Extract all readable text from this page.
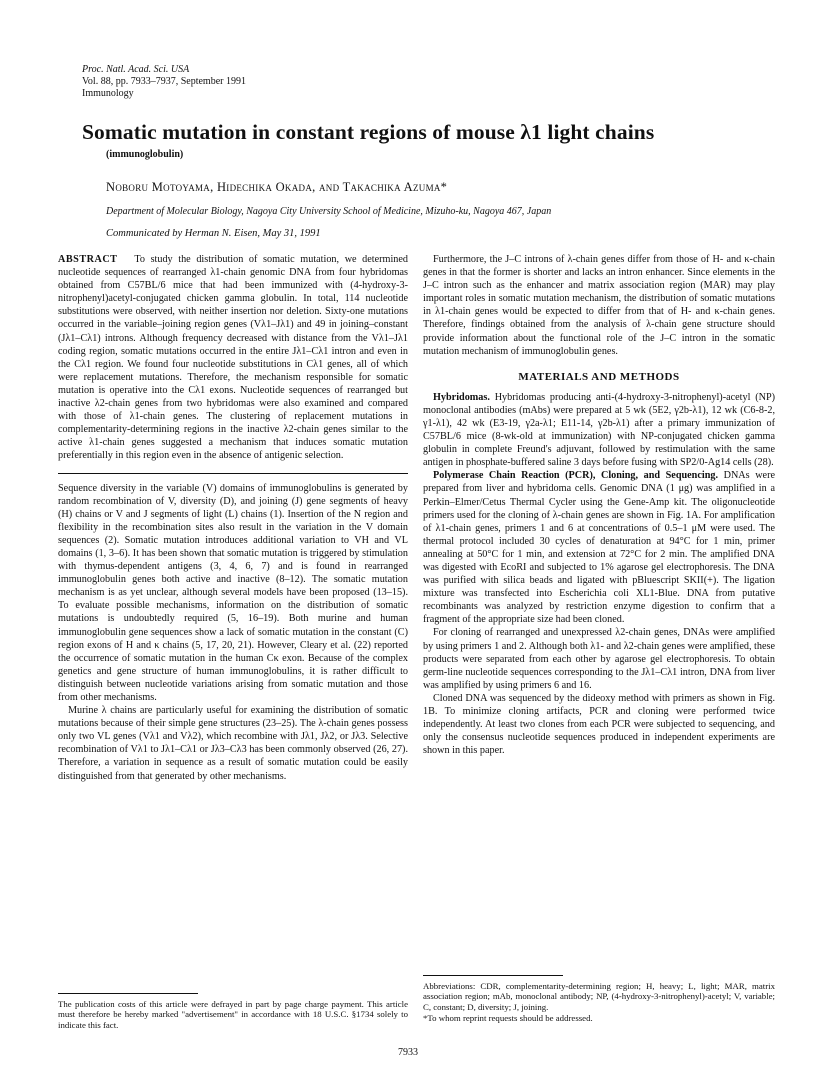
Proc. Natl. Acad. Sci. USA
Vol. 88, pp. 7933–7937, September 1991
Immunology
Somatic mutation in constant regions of mouse λ1 light chains
(immunoglobulin)
Noboru Motoyama, Hidechika Okada, and Takachika Azuma*
Department of Molecular Biology, Nagoya City University School of Medicine, Mizuho-ku, Nagoya 467, Japan
Communicated by Herman N. Eisen, May 31, 1991

ABSTRACT To study the distribution of somatic mutation, we determined nucleotide sequences of rearranged λ1-chain genomic DNA from four hybridomas obtained from C57BL/6 mice that had been immunized with (4-hydroxy-3-nitrophenyl)acetyl-conjugated chicken gamma globulin. In total, 114 nucleotide substitutions were observed, with neither insertion nor deletion. Sixty-one mutations occurred in the variable–joining region genes (Vλ1–Jλ1) and 49 in joining–constant (Jλ1–Cλ1) introns. Although frequency decreased with distance from the Vλ1–Jλ1 coding region, somatic mutations occurred in the entire Jλ1–Cλ1 intron and even in the Cλ1 region. We found four nucleotide substitutions in Cλ1 genes, all of which were replacement mutations. Therefore, the mechanism responsible for somatic mutation is operative into the Cλ1 exons. Nucleotide sequences of rearranged but inactive λ2-chain genes from two hybridomas were also examined and compared with those of λ1-chain genes. The clustering of replacement mutations in complementarity-determining regions in the inactive λ2-chain genes similar to the active λ1-chain genes suggested a mechanism that induces somatic mutation preferentially in this region even in the absence of antigenic selection.

Sequence diversity in the variable (V) domains of immunoglobulins is generated by random recombination of V, diversity (D), and joining (J) gene segments of heavy (H) chains or V and J segments of light (L) chains (1). Insertion of the N region and flexibility in the recombination sites also result in the variation in the V domain sequences (2). Somatic mutation introduces additional variation to VH and VL domains (1, 3–6). It has been shown that somatic mutation is triggered by stimulation with thymus-dependent antigens (3, 4, 6, 7) and is found in rearranged immunoglobulin genes both active and inactive (8–12). The somatic mutation mechanism is as yet unclear, although several models have been proposed (13–15). To evaluate possible mechanisms, information on the distribution of somatic mutations is undoubtedly required (5, 16–19). Both murine and human immunoglobulin gene sequences show a lack of somatic mutation in the constant (C) region exons of H and κ chains (5, 17, 20, 21). However, Cleary et al. (22) reported the occurrence of somatic mutation in the human Cκ exon. Because of the complex genetics and gene structure of human immunoglobulins, it is rather difficult to distinguish between nucleotide variations arising from somatic mutation and those from other mechanisms.

Murine λ chains are particularly useful for examining the distribution of somatic mutations because of their simple gene structures (23–25). The λ-chain genes possess only two VL genes (Vλ1 and Vλ2), which recombine with Jλ1, Jλ2, or Jλ3. Selective recombination of Vλ1 to Jλ1–Cλ1 or Jλ3–Cλ3 has been commonly observed (26, 27). Therefore, a variation in sequence as a result of somatic mutation could be easily distinguished from that generated by other mechanisms.

Furthermore, the J–C introns of λ-chain genes differ from those of H- and κ-chain genes in that the former is shorter and lacks an intron enhancer. Since elements in the J–C intron such as the enhancer and matrix association region (MAR) may play important roles in somatic mutation mechanism, the distribution of somatic mutations in λ1-chain genes would be expected to differ from that of H- and κ-chain genes. Therefore, findings obtained from the analysis of λ-chain gene structure should provide information about the functional role of the J–C intron in the somatic mutation mechanism of immunoglobulin genes.

MATERIALS AND METHODS

Hybridomas. Hybridomas producing anti-(4-hydroxy-3-nitrophenyl)-acetyl (NP) monoclonal antibodies (mAbs) were prepared at 5 wk (5E2, γ2b-λ1), 12 wk (C6-8-2, γ1-λ1), 42 wk (E3-19, γ2a-λ1; E11-14, γ2b-λ1) after a primary immunization of C57BL/6 mice (8-wk-old at immunization) with NP-conjugated chicken gamma globulin in complete Freund's adjuvant, followed by restimulation with the same antigen in phosphate-buffered saline 3 days before fusing with SP2/0-Ag14 cells (28).

Polymerase Chain Reaction (PCR), Cloning, and Sequencing. DNAs were prepared from liver and hybridoma cells. Genomic DNA (1 μg) was amplified in a Perkin–Elmer/Cetus Thermal Cycler using the Gene-Amp kit. The oligonucleotide primers used for the cloning of λ-chain genes are shown in Fig. 1A. For amplification of λ1-chain genes, primers 1 and 6 at concentrations of 0.5–1 μM were used. The thermal protocol included 30 cycles of denaturation at 94°C for 1 min, primer annealing at 50°C for 1 min, and extension at 72°C for 2 min. The amplified DNA was digested with EcoRI and subjected to 1% agarose gel electrophoresis. The DNA was purified with silica beads and ligated with pBluescript SKII(+). The ligation mixture was transfected into Escherichia coli XL1-Blue. DNA from putative recombinants was analyzed by restriction enzyme digestion to confirm that a fragment of the appropriate size had been cloned.

For cloning of rearranged and unexpressed λ2-chain genes, DNAs were amplified by using primers 1 and 2. Although both λ1- and λ2-chain genes were amplified, these products were separated from each other by agarose gel electrophoresis. To obtain germ-line nucleotide sequences corresponding to the Jλ1–Cλ1 intron, DNA from liver was amplified by using primers 6 and 16.

Cloned DNA was sequenced by the dideoxy method with primers as shown in Fig. 1B. To minimize cloning artifacts, PCR and cloning were performed twice independently. At least two clones from each PCR were subjected to sequencing, and only the consensus nucleotide sequences produced in independent experiments are shown in this paper.

The publication costs of this article were defrayed in part by page charge payment. This article must therefore be hereby marked "advertisement" in accordance with 18 U.S.C. §1734 solely to indicate this fact.

Abbreviations: CDR, complementarity-determining region; H, heavy; L, light; MAR, matrix association region; mAb, monoclonal antibody; NP, (4-hydroxy-3-nitrophenyl)-acetyl; V, variable; C, constant; D, diversity; J, joining.

*To whom reprint requests should be addressed.

7933
